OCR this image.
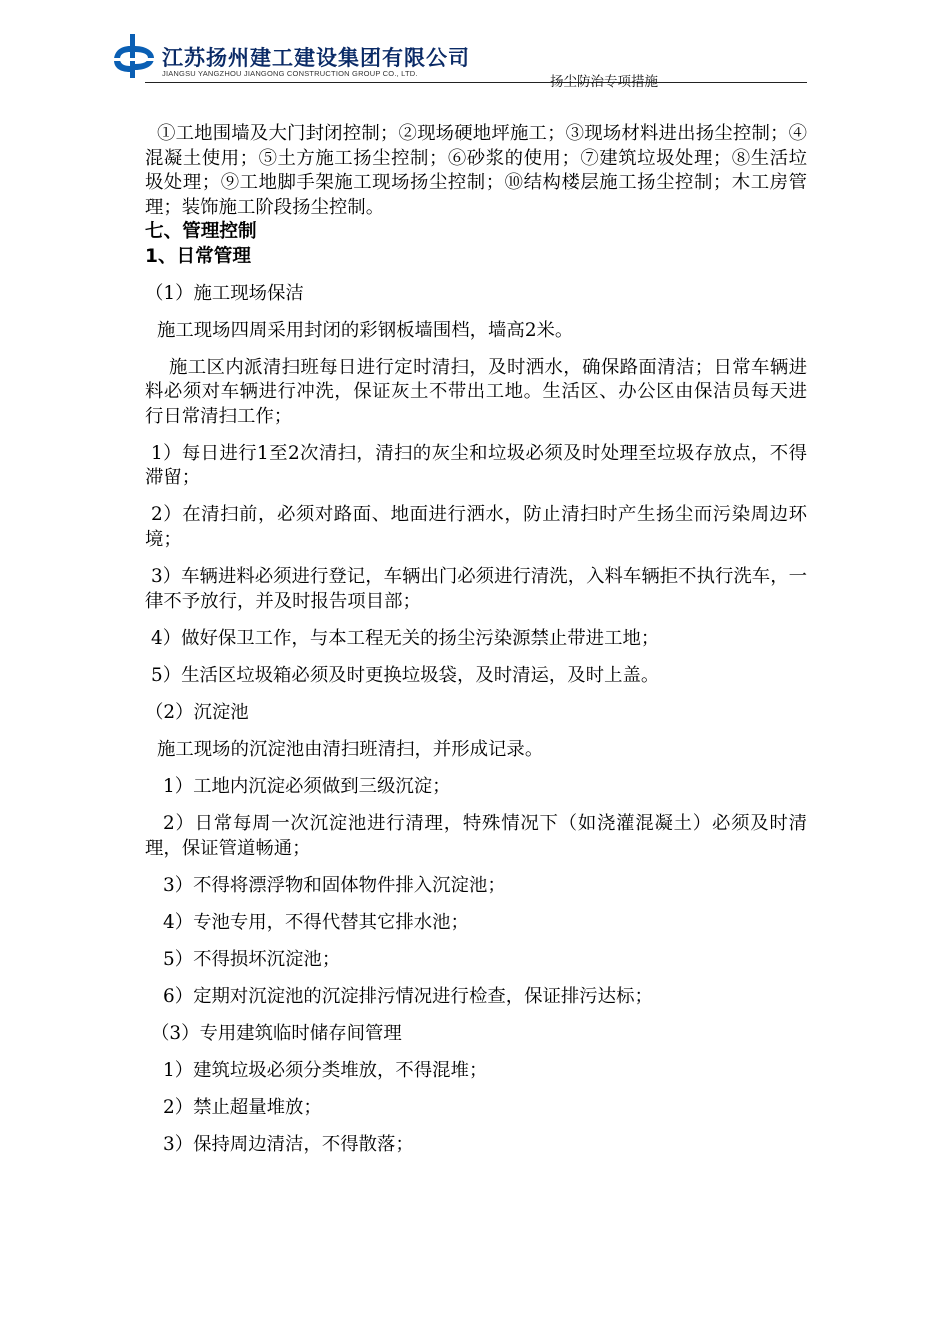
江苏扬州建工建设集团有限公司
JIANGSU YANGZHOU JIANGONG CONSTRUCTION GROUP CO., LTD.
扬尘防治专项措施

①工地围墙及大门封闭控制；②现场硬地坪施工；③现场材料进出扬尘控制；④混凝土使用；⑤土方施工扬尘控制；⑥砂浆的使用；⑦建筑垃圾处理；⑧生活垃圾处理；⑨工地脚手架施工现场扬尘控制；⑩结构楼层施工扬尘控制；木工房管理；装饰施工阶段扬尘控制。

七、管理控制

1、日常管理

（1）施工现场保洁

施工现场四周采用封闭的彩钢板墙围档，墙高2米。

施工区内派清扫班每日进行定时清扫，及时洒水，确保路面清洁；日常车辆进料必须对车辆进行冲洗，保证灰土不带出工地。生活区、办公区由保洁员每天进行日常清扫工作；

1）每日进行1至2次清扫，清扫的灰尘和垃圾必须及时处理至垃圾存放点，不得滞留；

2）在清扫前，必须对路面、地面进行洒水，防止清扫时产生扬尘而污染周边环境；

3）车辆进料必须进行登记，车辆出门必须进行清洗，入料车辆拒不执行洗车，一律不予放行，并及时报告项目部；

4）做好保卫工作，与本工程无关的扬尘污染源禁止带进工地；

5）生活区垃圾箱必须及时更换垃圾袋，及时清运，及时上盖。

（2）沉淀池

施工现场的沉淀池由清扫班清扫，并形成记录。

1）工地内沉淀必须做到三级沉淀；

2）日常每周一次沉淀池进行清理，特殊情况下（如浇灌混凝土）必须及时清理，保证管道畅通；

3）不得将漂浮物和固体物件排入沉淀池；

4）专池专用，不得代替其它排水池；

5）不得损坏沉淀池；

6）定期对沉淀池的沉淀排污情况进行检查，保证排污达标；

（3）专用建筑临时储存间管理

1）建筑垃圾必须分类堆放，不得混堆；

2）禁止超量堆放；

3）保持周边清洁，不得散落；
